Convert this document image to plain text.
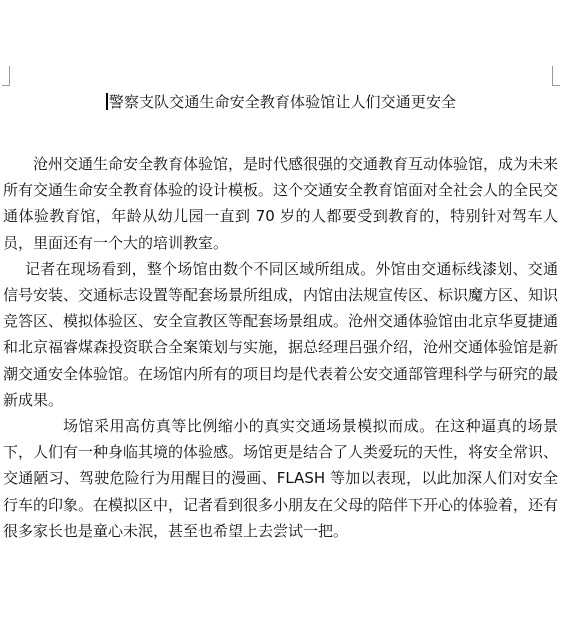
警察支队交通生命安全教育体验馆让人们交通更安全

沧州交通生命安全教育体验馆，是时代感很强的交通教育互动体验馆，成为未来所有交通生命安全教育体验的设计模板。这个交通安全教育馆面对全社会人的全民交通体验教育馆，年龄从幼儿园一直到 70 岁的人都要受到教育的，特别针对驾车人员，里面还有一个大的培训教室。

记者在现场看到，整个场馆由数个不同区域所组成。外馆由交通标线漆划、交通信号安装、交通标志设置等配套场景所组成，内馆由法规宣传区、标识魔方区、知识竞答区、模拟体验区、安全宣教区等配套场景组成。沧州交通体验馆由北京华夏捷通和北京福睿煤森投资联合全案策划与实施，据总经理吕强介绍，沧州交通体验馆是新潮交通安全体验馆。在场馆内所有的项目均是代表着公安交通部管理科学与研究的最新成果。

场馆采用高仿真等比例缩小的真实交通场景模拟而成。在这种逼真的场景下，人们有一种身临其境的体验感。场馆更是结合了人类爱玩的天性，将安全常识、交通陋习、驾驶危险行为用醒目的漫画、FLASH 等加以表现，以此加深人们对安全行车的印象。在模拟区中，记者看到很多小朋友在父母的陪伴下开心的体验着，还有很多家长也是童心未泯，甚至也希望上去尝试一把。
